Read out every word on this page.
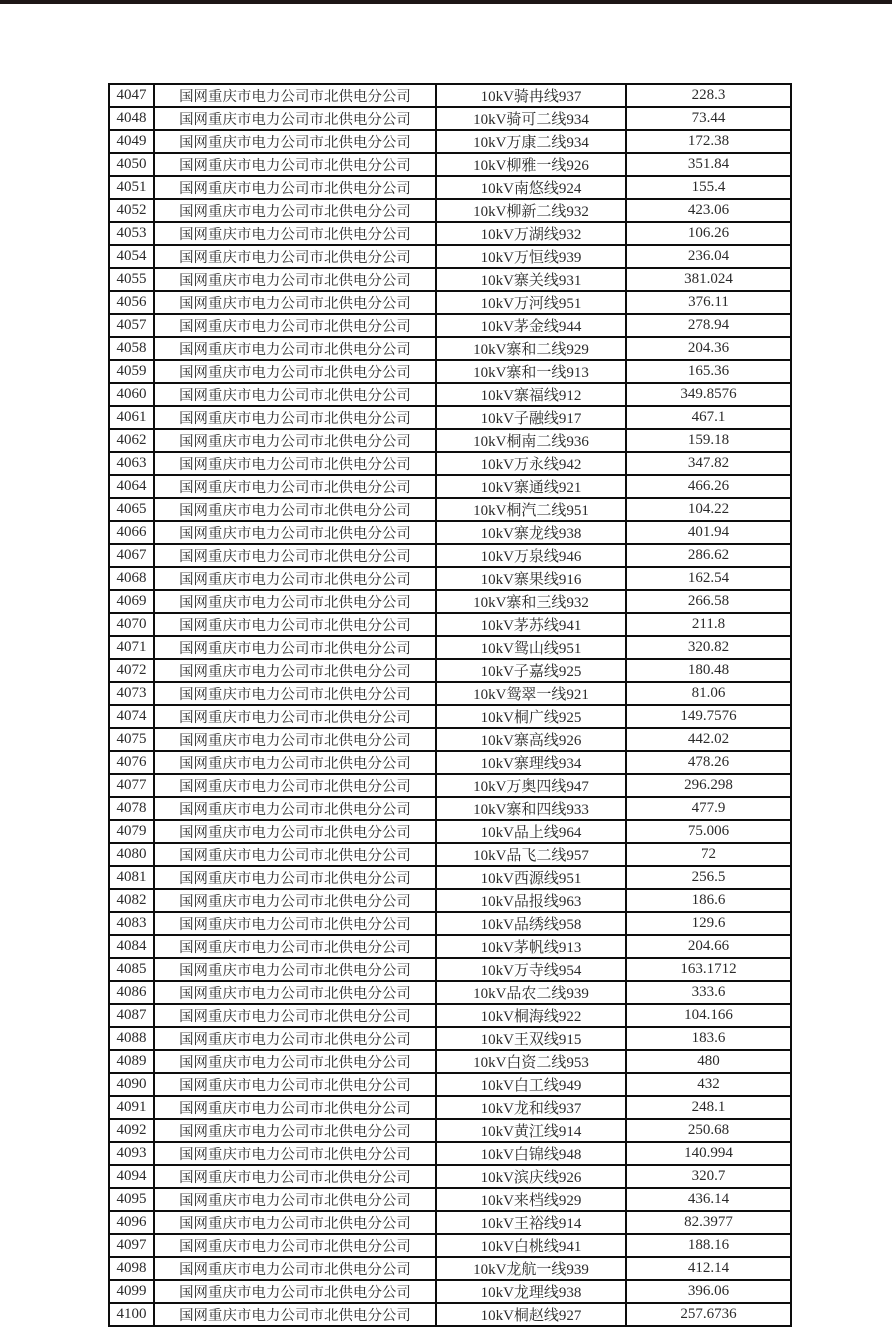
4047	国网重庆市电力公司市北供电分公司	10kV骑冉线937	228.3
4048	国网重庆市电力公司市北供电分公司	10kV骑可二线934	73.44
4049	国网重庆市电力公司市北供电分公司	10kV万康二线934	172.38
4050	国网重庆市电力公司市北供电分公司	10kV柳雅一线926	351.84
4051	国网重庆市电力公司市北供电分公司	10kV南悠线924	155.4
4052	国网重庆市电力公司市北供电分公司	10kV柳新二线932	423.06
4053	国网重庆市电力公司市北供电分公司	10kV万湖线932	106.26
4054	国网重庆市电力公司市北供电分公司	10kV万恒线939	236.04
4055	国网重庆市电力公司市北供电分公司	10kV寨关线931	381.024
4056	国网重庆市电力公司市北供电分公司	10kV万河线951	376.11
4057	国网重庆市电力公司市北供电分公司	10kV茅金线944	278.94
4058	国网重庆市电力公司市北供电分公司	10kV寨和二线929	204.36
4059	国网重庆市电力公司市北供电分公司	10kV寨和一线913	165.36
4060	国网重庆市电力公司市北供电分公司	10kV寨福线912	349.8576
4061	国网重庆市电力公司市北供电分公司	10kV子融线917	467.1
4062	国网重庆市电力公司市北供电分公司	10kV桐南二线936	159.18
4063	国网重庆市电力公司市北供电分公司	10kV万永线942	347.82
4064	国网重庆市电力公司市北供电分公司	10kV寨通线921	466.26
4065	国网重庆市电力公司市北供电分公司	10kV桐汽二线951	104.22
4066	国网重庆市电力公司市北供电分公司	10kV寨龙线938	401.94
4067	国网重庆市电力公司市北供电分公司	10kV万泉线946	286.62
4068	国网重庆市电力公司市北供电分公司	10kV寨果线916	162.54
4069	国网重庆市电力公司市北供电分公司	10kV寨和三线932	266.58
4070	国网重庆市电力公司市北供电分公司	10kV茅苏线941	211.8
4071	国网重庆市电力公司市北供电分公司	10kV鸳山线951	320.82
4072	国网重庆市电力公司市北供电分公司	10kV子嘉线925	180.48
4073	国网重庆市电力公司市北供电分公司	10kV鸳翠一线921	81.06
4074	国网重庆市电力公司市北供电分公司	10kV桐广线925	149.7576
4075	国网重庆市电力公司市北供电分公司	10kV寨高线926	442.02
4076	国网重庆市电力公司市北供电分公司	10kV寨理线934	478.26
4077	国网重庆市电力公司市北供电分公司	10kV万奥四线947	296.298
4078	国网重庆市电力公司市北供电分公司	10kV寨和四线933	477.9
4079	国网重庆市电力公司市北供电分公司	10kV品上线964	75.006
4080	国网重庆市电力公司市北供电分公司	10kV品飞二线957	72
4081	国网重庆市电力公司市北供电分公司	10kV西源线951	256.5
4082	国网重庆市电力公司市北供电分公司	10kV品报线963	186.6
4083	国网重庆市电力公司市北供电分公司	10kV品绣线958	129.6
4084	国网重庆市电力公司市北供电分公司	10kV茅帆线913	204.66
4085	国网重庆市电力公司市北供电分公司	10kV万寺线954	163.1712
4086	国网重庆市电力公司市北供电分公司	10kV品农二线939	333.6
4087	国网重庆市电力公司市北供电分公司	10kV桐海线922	104.166
4088	国网重庆市电力公司市北供电分公司	10kV王双线915	183.6
4089	国网重庆市电力公司市北供电分公司	10kV白资二线953	480
4090	国网重庆市电力公司市北供电分公司	10kV白工线949	432
4091	国网重庆市电力公司市北供电分公司	10kV龙和线937	248.1
4092	国网重庆市电力公司市北供电分公司	10kV黄江线914	250.68
4093	国网重庆市电力公司市北供电分公司	10kV白锦线948	140.994
4094	国网重庆市电力公司市北供电分公司	10kV滨庆线926	320.7
4095	国网重庆市电力公司市北供电分公司	10kV来档线929	436.14
4096	国网重庆市电力公司市北供电分公司	10kV王裕线914	82.3977
4097	国网重庆市电力公司市北供电分公司	10kV白桃线941	188.16
4098	国网重庆市电力公司市北供电分公司	10kV龙航一线939	412.14
4099	国网重庆市电力公司市北供电分公司	10kV龙理线938	396.06
4100	国网重庆市电力公司市北供电分公司	10kV桐赵线927	257.6736
